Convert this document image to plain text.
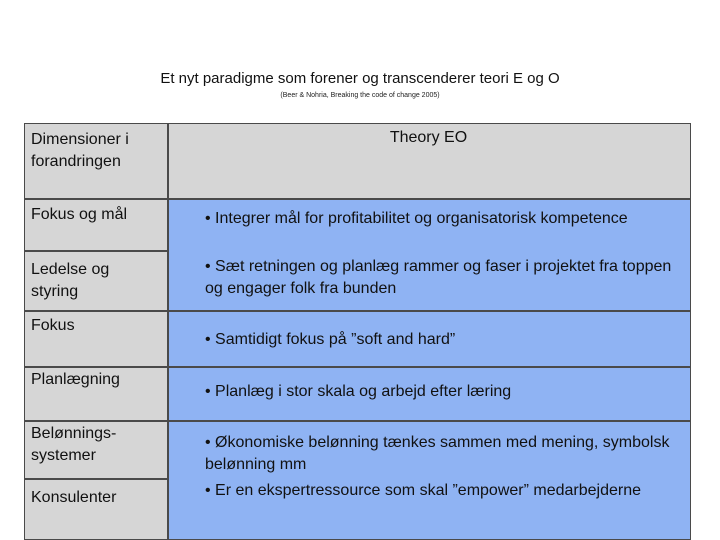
Et nyt paradigme som forener og transcenderer teori E og O
(Beer & Nohria, Breaking the code of change 2005)
Dimensioner i forandringen
Theory EO
Fokus og mål
Ledelse og styring
Fokus
Planlægning
Belønnings-systemer
Konsulenter
• Integrer mål for profitabilitet og organisatorisk kompetence
• Sæt retningen og planlæg rammer og faser i projektet fra toppen og engager folk fra bunden
• Samtidigt fokus på ”soft and hard”
• Planlæg i stor skala og arbejd efter læring
• Økonomiske belønning tænkes sammen med mening, symbolsk belønning mm
• Er en ekspertressource som skal ”empower” medarbejderne
